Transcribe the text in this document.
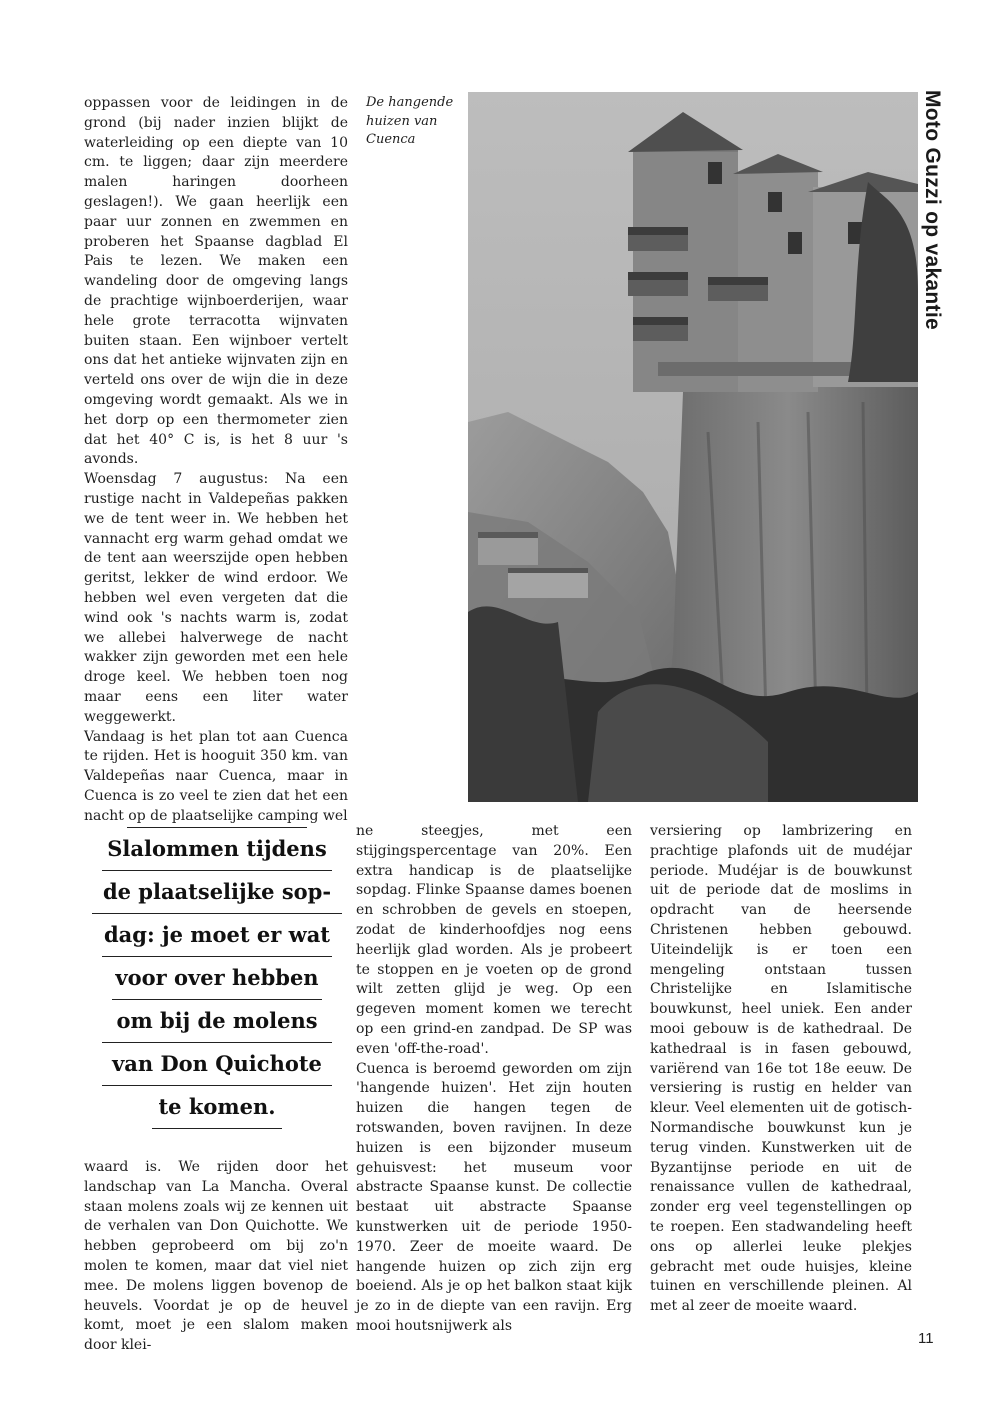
Moto Guzzi op vakantie

oppassen voor de leidingen in de grond (bij nader inzien blijkt de waterleiding op een diepte van 10 cm. te liggen; daar zijn meerdere malen haringen doorheen geslagen!). We gaan heerlijk een paar uur zonnen en zwemmen en proberen het Spaanse dagblad El Pais te lezen. We maken een wandeling door de omgeving langs de prachtige wijnboerderijen, waar hele grote terracotta wijnvaten buiten staan. Een wijnboer vertelt ons dat het antieke wijnvaten zijn en verteld ons over de wijn die in deze omgeving wordt gemaakt. Als we in het dorp op een thermometer zien dat het 40° C is, is het 8 uur 's avonds.

Woensdag 7 augustus: Na een rustige nacht in Valdepeñas pakken we de tent weer in. We hebben het vannacht erg warm gehad omdat we de tent aan weerszijde open hebben geritst, lekker de wind erdoor. We hebben wel even vergeten dat die wind ook 's nachts warm is, zodat we allebei halverwege de nacht wakker zijn geworden met een hele droge keel. We hebben toen nog maar eens een liter water weggewerkt.

Vandaag is het plan tot aan Cuenca te rijden. Het is hooguit 350 km. van Valdepeñas naar Cuenca, maar in Cuenca is zo veel te zien dat het een nacht op de plaatselijke camping wel

De hangende huizen van Cuenca
Slalommen tijdens
de plaatselijke sop-
dag: je moet er wat
voor over hebben
om bij de molens
van Don Quichote
te komen.

waard is. We rijden door het landschap van La Mancha. Overal staan molens zoals wij ze kennen uit de verhalen van Don Quichotte. We hebben geprobeerd om bij zo'n molen te komen, maar dat viel niet mee. De molens liggen bovenop de heuvels. Voordat je op de heuvel komt, moet je een slalom maken door klei-

ne steegjes, met een stijgingspercentage van 20%. Een extra handicap is de plaatselijke sopdag. Flinke Spaanse dames boenen en schrobben de gevels en stoepen, zodat de kinderhoofdjes nog eens heerlijk glad worden. Als je probeert te stoppen en je voeten op de grond wilt zetten glijd je weg. Op een gegeven moment komen we terecht op een grind-en zandpad. De SP was even 'off-the-road'.

Cuenca is beroemd geworden om zijn 'hangende huizen'. Het zijn houten huizen die hangen tegen de rotswanden, boven ravijnen. In deze huizen is een bijzonder museum gehuisvest: het museum voor abstracte Spaanse kunst. De collectie bestaat uit abstracte Spaanse kunstwerken uit de periode 1950-1970. Zeer de moeite waard. De hangende huizen op zich zijn erg boeiend. Als je op het balkon staat kijk je zo in de diepte van een ravijn. Erg mooi houtsnijwerk als

versiering op lambrizering en prachtige plafonds uit de mudéjar periode. Mudéjar is de bouwkunst uit de periode dat de moslims in opdracht van de heersende Christenen hebben gebouwd. Uiteindelijk is er toen een mengeling ontstaan tussen Christelijke en Islamitische bouwkunst, heel uniek. Een ander mooi gebouw is de kathedraal. De kathedraal is in fasen gebouwd, variërend van 16e tot 18e eeuw. De versiering is rustig en helder van kleur. Veel elementen uit de gotisch-Normandische bouwkunst kun je terug vinden. Kunstwerken uit de Byzantijnse periode en uit de renaissance vullen de kathedraal, zonder erg veel tegenstellingen op te roepen. Een stadwandeling heeft ons op allerlei leuke plekjes gebracht met oude huisjes, kleine tuinen en verschillende pleinen. Al met al zeer de moeite waard.

11
